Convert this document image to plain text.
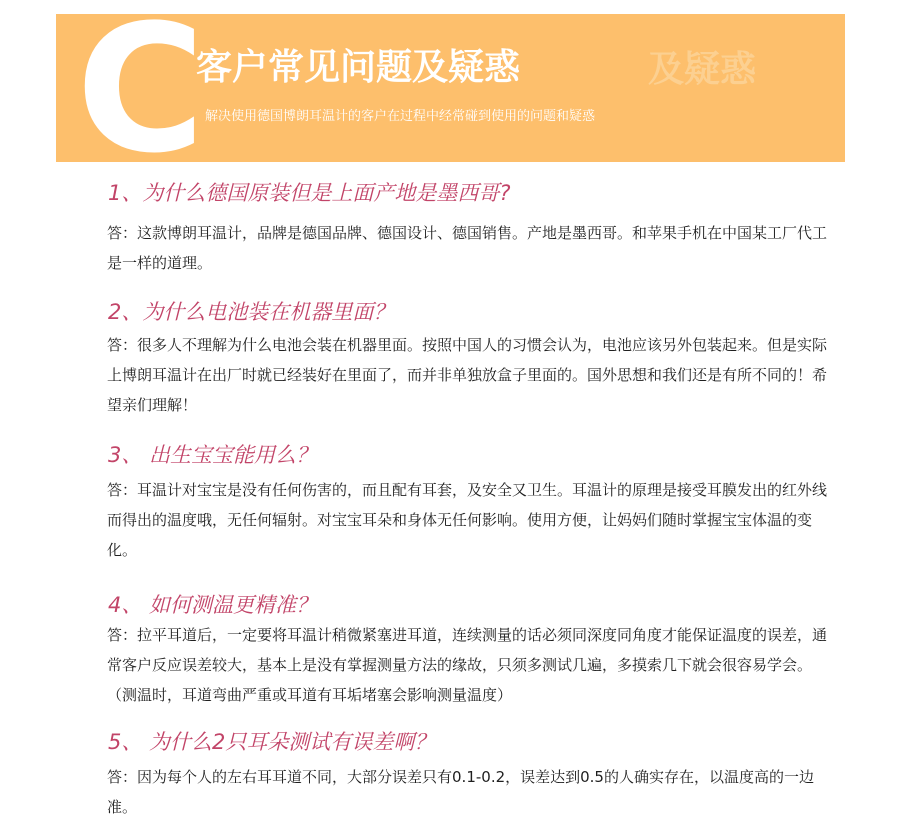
C	及疑惑
客户常见问题及疑惑
解决使用德国博朗耳温计的客户在过程中经常碰到使用的问题和疑惑
1、为什么德国原装但是上面产地是墨西哥?
答：这款博朗耳温计，品牌是德国品牌、德国设计、德国销售。产地是墨西哥。和苹果手机在中国某工厂代工是一样的道理。
2、为什么电池装在机器里面？
答：很多人不理解为什么电池会装在机器里面。按照中国人的习惯会认为，电池应该另外包装起来。但是实际上博朗耳温计在出厂时就已经装好在里面了，而并非单独放盒子里面的。国外思想和我们还是有所不同的！希望亲们理解！
3、 出生宝宝能用么？
答：耳温计对宝宝是没有任何伤害的，而且配有耳套，及安全又卫生。耳温计的原理是接受耳膜发出的红外线而得出的温度哦，无任何辐射。对宝宝耳朵和身体无任何影响。使用方便，让妈妈们随时掌握宝宝体温的变化。
4、 如何测温更精准？
答：拉平耳道后，一定要将耳温计稍微紧塞进耳道，连续测量的话必须同深度同角度才能保证温度的误差，通常客户反应误差较大，基本上是没有掌握测量方法的缘故，只须多测试几遍，多摸索几下就会很容易学会。（测温时，耳道弯曲严重或耳道有耳垢堵塞会影响测量温度）
5、 为什么2只耳朵测试有误差啊？
答：因为每个人的左右耳耳道不同，大部分误差只有0.1-0.2，误差达到0.5的人确实存在，以温度高的一边准。
